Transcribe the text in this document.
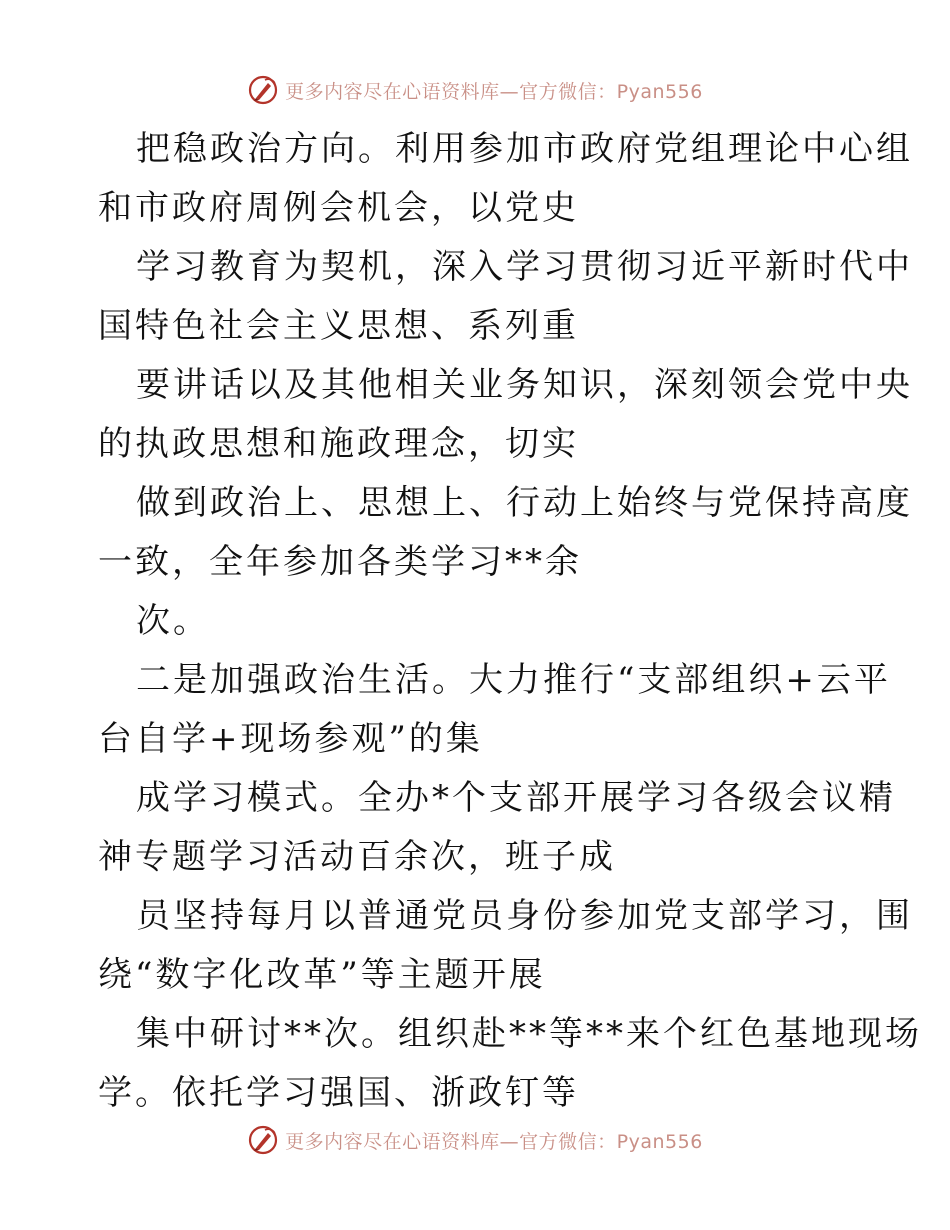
更多内容尽在心语资料库—官方微信：Pyan556
把稳政治方向。利用参加市政府党组理论中心组
和市政府周例会机会，以党史
学习教育为契机，深入学习贯彻习近平新时代中
国特色社会主义思想、系列重
要讲话以及其他相关业务知识，深刻领会党中央
的执政思想和施政理念，切实
做到政治上、思想上、行动上始终与党保持高度
一致，全年参加各类学习**余
次。
二是加强政治生活。大力推行“支部组织+云平
台自学+现场参观”的集
成学习模式。全办*个支部开展学习各级会议精
神专题学习活动百余次，班子成
员坚持每月以普通党员身份参加党支部学习，围
绕“数字化改革”等主题开展
集中研讨**次。组织赴**等**来个红色基地现场
学。依托学习强国、浙政钉等
更多内容尽在心语资料库—官方微信：Pyan556
